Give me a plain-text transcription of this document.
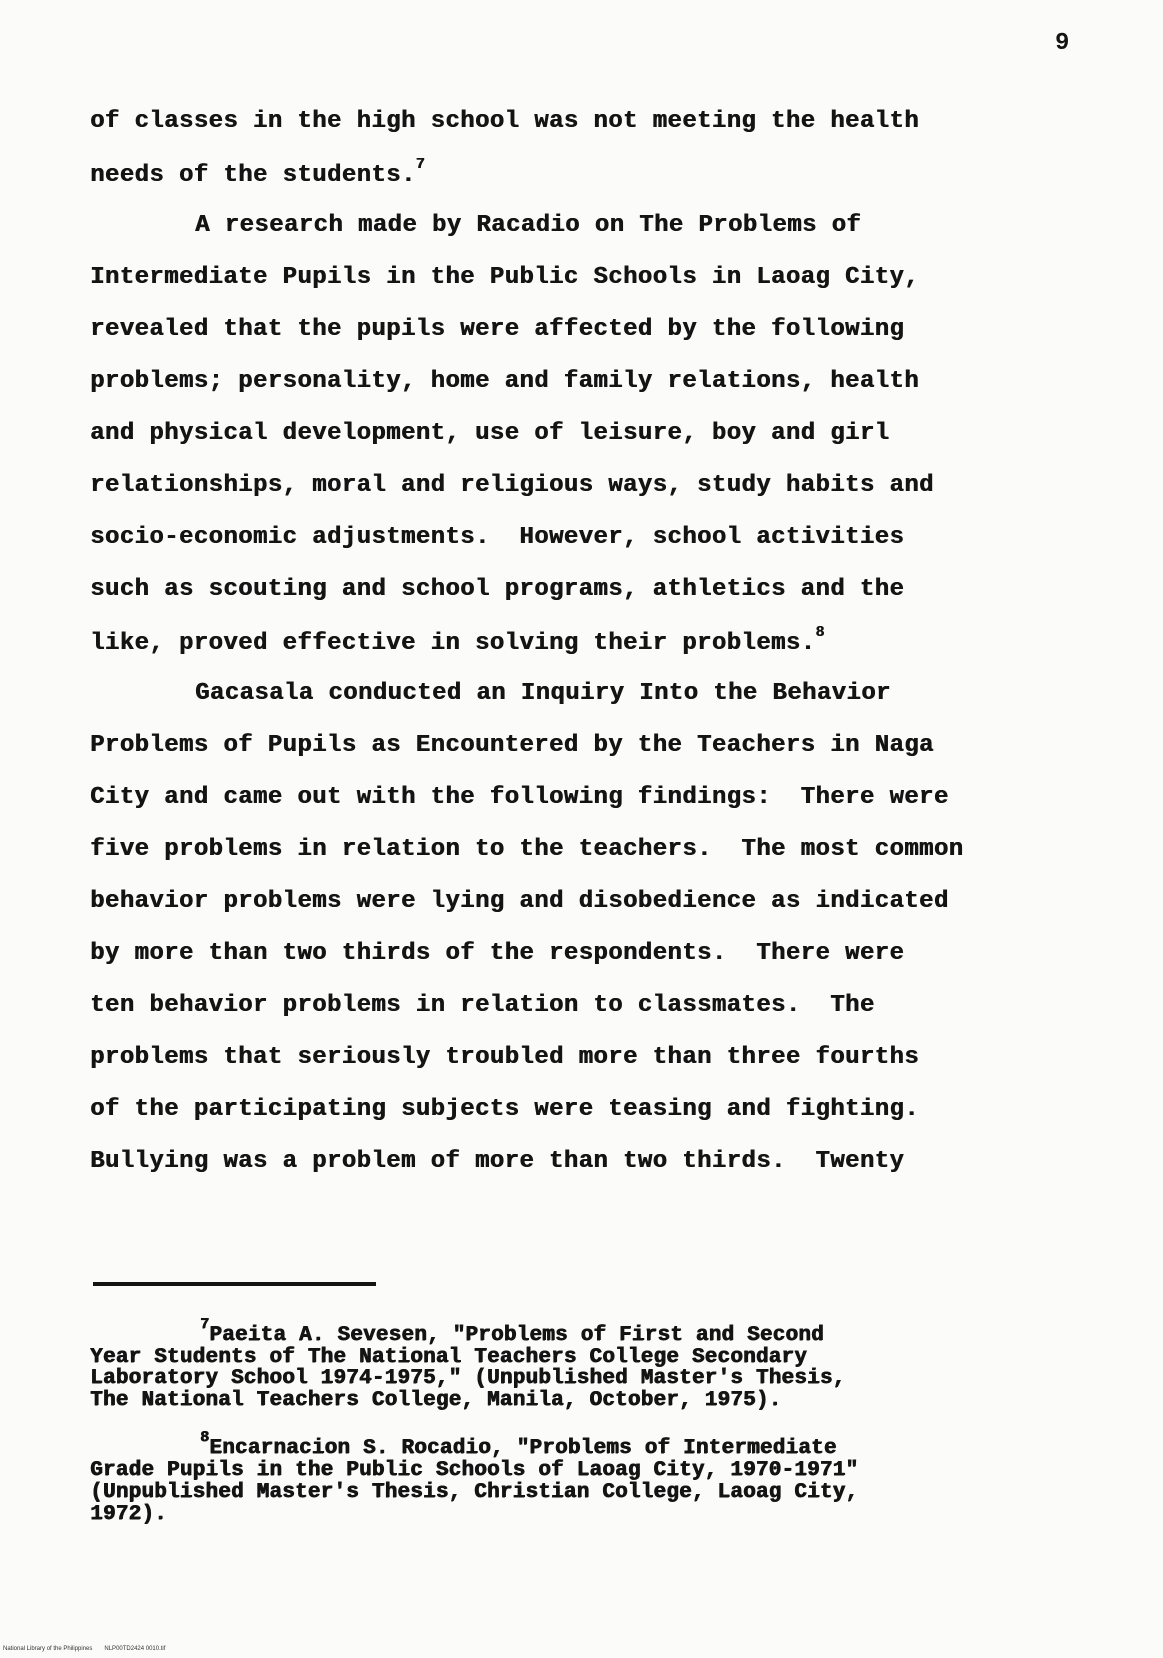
9
of classes in the high school was not meeting the health
needs of the students.$^7$
A research made by Racadio on The Problems of
Intermediate Pupils in the Public Schools in Laoag City,
revealed that the pupils were affected by the following
problems; personality, home and family relations, health
and physical development, use of leisure, boy and girl
relationships, moral and religious ways, study habits and
socio-economic adjustments.  However, school activities
such as scouting and school programs, athletics and the
like, proved effective in solving their problems.$^8$
Gacasala conducted an Inquiry Into the Behavior
Problems of Pupils as Encountered by the Teachers in Naga
City and came out with the following findings:  There were
five problems in relation to the teachers.  The most common
behavior problems were lying and disobedience as indicated
by more than two thirds of the respondents.  There were
ten behavior problems in relation to classmates.  The
problems that seriously troubled more than three fourths
of the participating subjects were teasing and fighting.
Bullying was a problem of more than two thirds.  Twenty
$^7$Paeita A. Sevesen, "Problems of First and Second
Year Students of The National Teachers College Secondary
Laboratory School 1974-1975," (Unpublished Master's Thesis,
The National Teachers College, Manila, October, 1975).
$^8$Encarnacion S. Rocadio, "Problems of Intermediate
Grade Pupils in the Public Schools of Laoag City, 1970-1971"
(Unpublished Master's Thesis, Christian College, Laoag City,
1972).
National Library of the Philippines NLP00TD2424 0010.tif
